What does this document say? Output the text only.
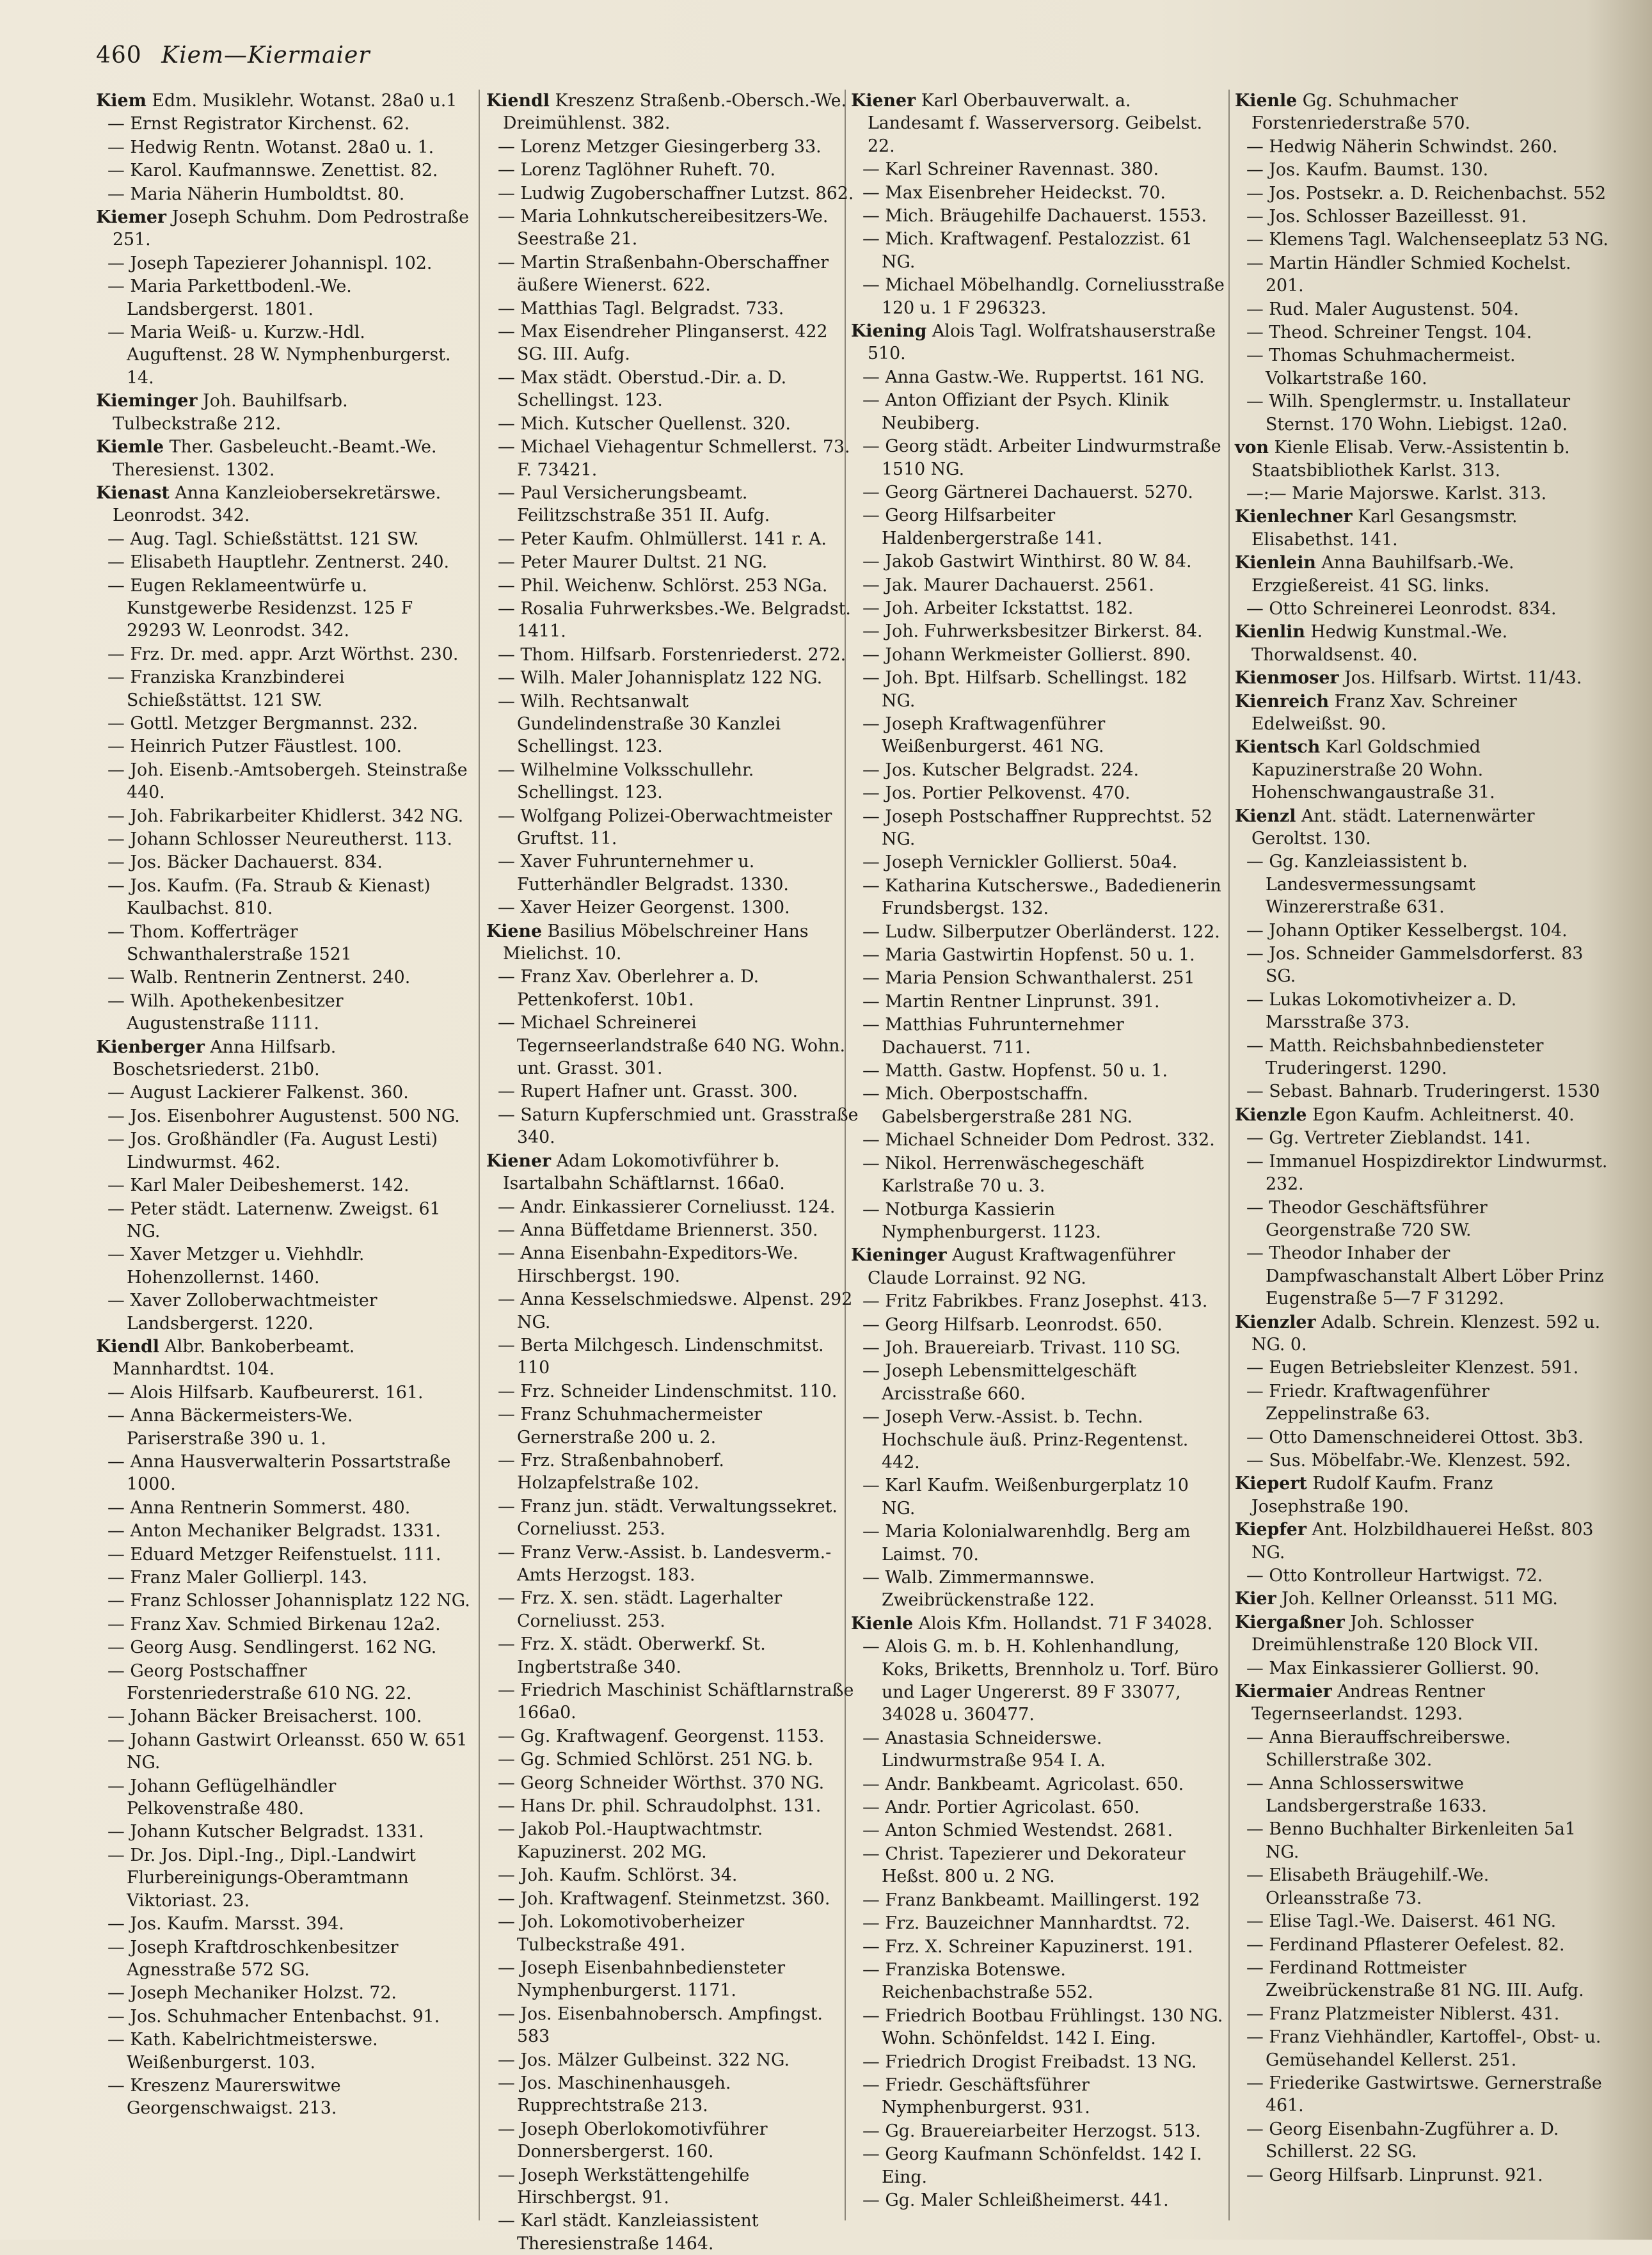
460 Kiem—Kiermaier
Kiem Edm. Musiklehr. Wotanst. 28a0 u.1
— Ernst Registrator Kirchenst. 62.
— Hedwig Rentn. Wotanst. 28a0 u. 1.
— Karol. Kaufmannswe. Zenettist. 82.
— Maria Näherin Humboldtst. 80.
Kiemer Joseph Schuhm. Dom Pedrostraße 251.
— Joseph Tapezierer Johannispl. 102.
— Maria Parkettbodenl.-We. Landsbergerst. 1801.
— Maria Weiß- u. Kurzw.-Hdl. Auguftenst. 28 W. Nymphenburgerst. 14.
Kieminger Joh. Bauhilfsarb. Tulbeckstraße 212.
Kiemle Ther. Gasbeleucht.-Beamt.-We. Theresienst. 1302.
Kienast Anna Kanzleiobersekretärswe. Leonrodst. 342.
— Aug. Tagl. Schießstättst. 121 SW.
— Elisabeth Hauptlehr. Zentnerst. 240.
— Eugen Reklameentwürfe u. Kunstgewerbe Residenzst. 125 F 29293 W. Leonrodst. 342.
— Frz. Dr. med. appr. Arzt Wörthst. 230.
— Franziska Kranzbinderei Schießstättst. 121 SW.
— Gottl. Metzger Bergmannst. 232.
— Heinrich Putzer Fäustlest. 100.
— Joh. Eisenb.-Amtsobergeh. Steinstraße 440.
— Joh. Fabrikarbeiter Khidlerst. 342 NG.
— Johann Schlosser Neureutherst. 113.
— Jos. Bäcker Dachauerst. 834.
— Jos. Kaufm. (Fa. Straub & Kienast) Kaulbachst. 810.
— Thom. Kofferträger Schwanthalerstraße 1521
— Walb. Rentnerin Zentnerst. 240.
— Wilh. Apothekenbesitzer Augustenstraße 1111.
Kienberger Anna Hilfsarb. Boschetsriederst. 21b0.
— August Lackierer Falkenst. 360.
— Jos. Eisenbohrer Augustenst. 500 NG.
— Jos. Großhändler (Fa. August Lesti) Lindwurmst. 462.
— Karl Maler Deibeshemerst. 142.
— Peter städt. Laternenw. Zweigst. 61 NG.
— Xaver Metzger u. Viehhdlr. Hohenzollernst. 1460.
— Xaver Zolloberwachtmeister Landsbergerst. 1220.
Kiendl Albr. Bankoberbeamt. Mannhardtst. 104.
— Alois Hilfsarb. Kaufbeurerst. 161.
— Anna Bäckermeisters-We. Pariserstraße 390 u. 1.
— Anna Hausverwalterin Possartstraße 1000.
— Anna Rentnerin Sommerst. 480.
— Anton Mechaniker Belgradst. 1331.
— Eduard Metzger Reifenstuelst. 111.
— Franz Maler Gollierpl. 143.
— Franz Schlosser Johannisplatz 122 NG.
— Franz Xav. Schmied Birkenau 12a2.
— Georg Ausg. Sendlingerst. 162 NG.
— Georg Postschaffner Forstenriederstraße 610 NG. 22.
— Johann Bäcker Breisacherst. 100.
— Johann Gastwirt Orleansst. 650 W. 651 NG.
— Johann Geflügelhändler Pelkovenstraße 480.
— Johann Kutscher Belgradst. 1331.
— Dr. Jos. Dipl.-Ing., Dipl.-Landwirt Flurbereinigungs-Oberamtmann Viktoriast. 23.
— Jos. Kaufm. Marsst. 394.
— Joseph Kraftdroschkenbesitzer Agnesstraße 572 SG.
— Joseph Mechaniker Holzst. 72.
— Jos. Schuhmacher Entenbachst. 91.
— Kath. Kabelrichtmeisterswe. Weißenburgerst. 103.
— Kreszenz Maurerswitwe Georgenschwaigst. 213.
Kiendl Kreszenz Straßenb.-Obersch.-We. Dreimühlenst. 382.
— Lorenz Metzger Giesingerberg 33.
— Lorenz Taglöhner Ruheft. 70.
— Ludwig Zugoberschaffner Lutzst. 862.
— Maria Lohnkutschereibesitzers-We. Seestraße 21.
— Martin Straßenbahn-Oberschaffner äußere Wienerst. 622.
— Matthias Tagl. Belgradst. 733.
— Max Eisendreher Plinganserst. 422 SG. III. Aufg.
— Max städt. Oberstud.-Dir. a. D. Schellingst. 123.
— Mich. Kutscher Quellenst. 320.
— Michael Viehagentur Schmellerst. 73. F. 73421.
— Paul Versicherungsbeamt. Feilitzschstraße 351 II. Aufg.
— Peter Kaufm. Ohlmüllerst. 141 r. A.
— Peter Maurer Dultst. 21 NG.
— Phil. Weichenw. Schlörst. 253 NGa.
— Rosalia Fuhrwerksbes.-We. Belgradst. 1411.
— Thom. Hilfsarb. Forstenriederst. 272.
— Wilh. Maler Johannisplatz 122 NG.
— Wilh. Rechtsanwalt Gundelindenstraße 30 Kanzlei Schellingst. 123.
— Wilhelmine Volksschullehr. Schellingst. 123.
— Wolfgang Polizei-Oberwachtmeister Gruftst. 11.
— Xaver Fuhrunternehmer u. Futterhändler Belgradst. 1330.
— Xaver Heizer Georgenst. 1300.
Kiene Basilius Möbelschreiner Hans Mielichst. 10.
— Franz Xav. Oberlehrer a. D. Pettenkoferst. 10b1.
— Michael Schreinerei Tegernseerlandstraße 640 NG. Wohn. unt. Grasst. 301.
— Rupert Hafner unt. Grasst. 300.
— Saturn Kupferschmied unt. Grasstraße 340.
Kiener Adam Lokomotivführer b. Isartalbahn Schäftlarnst. 166a0.
— Andr. Einkassierer Corneliusst. 124.
— Anna Büffetdame Briennerst. 350.
— Anna Eisenbahn-Expeditors-We. Hirschbergst. 190.
— Anna Kesselschmiedswe. Alpenst. 292 NG.
— Berta Milchgesch. Lindenschmitst. 110
— Frz. Schneider Lindenschmitst. 110.
— Franz Schuhmachermeister Gernerstraße 200 u. 2.
— Frz. Straßenbahnoberf. Holzapfelstraße 102.
— Franz jun. städt. Verwaltungssekret. Corneliusst. 253.
— Franz Verw.-Assist. b. Landesverm.-Amts Herzogst. 183.
— Frz. X. sen. städt. Lagerhalter Corneliusst. 253.
— Frz. X. städt. Oberwerkf. St. Ingbertstraße 340.
— Friedrich Maschinist Schäftlarnstraße 166a0.
— Gg. Kraftwagenf. Georgenst. 1153.
— Gg. Schmied Schlörst. 251 NG. b.
— Georg Schneider Wörthst. 370 NG.
— Hans Dr. phil. Schraudolphst. 131.
— Jakob Pol.-Hauptwachtmstr. Kapuzinerst. 202 MG.
— Joh. Kaufm. Schlörst. 34.
— Joh. Kraftwagenf. Steinmetzst. 360.
— Joh. Lokomotivoberheizer Tulbeckstraße 491.
— Joseph Eisenbahnbediensteter Nymphenburgerst. 1171.
— Jos. Eisenbahnobersch. Ampfingst. 583
— Jos. Mälzer Gulbeinst. 322 NG.
— Jos. Maschinenhausgeh. Rupprechtstraße 213.
— Joseph Oberlokomotivführer Donnersbergerst. 160.
— Joseph Werkstättengehilfe Hirschbergst. 91.
— Karl städt. Kanzleiassistent Theresienstraße 1464.
Kiener Karl Oberbauverwalt. a. Landesamt f. Wasserversorg. Geibelst. 22.
— Karl Schreiner Ravennast. 380.
— Max Eisenbreher Heideckst. 70.
— Mich. Bräugehilfe Dachauerst. 1553.
— Mich. Kraftwagenf. Pestalozzist. 61 NG.
— Michael Möbelhandlg. Corneliusstraße 120 u. 1 F 296323.
Kiening Alois Tagl. Wolfratshauserstraße 510.
— Anna Gastw.-We. Ruppertst. 161 NG.
— Anton Offiziant der Psych. Klinik Neubiberg.
— Georg städt. Arbeiter Lindwurmstraße 1510 NG.
— Georg Gärtnerei Dachauerst. 5270.
— Georg Hilfsarbeiter Haldenbergerstraße 141.
— Jakob Gastwirt Winthirst. 80 W. 84.
— Jak. Maurer Dachauerst. 2561.
— Joh. Arbeiter Ickstattst. 182.
— Joh. Fuhrwerksbesitzer Birkerst. 84.
— Johann Werkmeister Gollierst. 890.
— Joh. Bpt. Hilfsarb. Schellingst. 182 NG.
— Joseph Kraftwagenführer Weißenburgerst. 461 NG.
— Jos. Kutscher Belgradst. 224.
— Jos. Portier Pelkovenst. 470.
— Joseph Postschaffner Rupprechtst. 52 NG.
— Joseph Vernickler Gollierst. 50a4.
— Katharina Kutscherswe., Badedienerin Frundsbergst. 132.
— Ludw. Silberputzer Oberländerst. 122.
— Maria Gastwirtin Hopfenst. 50 u. 1.
— Maria Pension Schwanthalerst. 251
— Martin Rentner Linprunst. 391.
— Matthias Fuhrunternehmer Dachauerst. 711.
— Matth. Gastw. Hopfenst. 50 u. 1.
— Mich. Oberpostschaffn. Gabelsbergerstraße 281 NG.
— Michael Schneider Dom Pedrost. 332.
— Nikol. Herrenwäschegeschäft Karlstraße 70 u. 3.
— Notburga Kassierin Nymphenburgerst. 1123.
Kieninger August Kraftwagenführer Claude Lorrainst. 92 NG.
— Fritz Fabrikbes. Franz Josephst. 413.
— Georg Hilfsarb. Leonrodst. 650.
— Joh. Brauereiarb. Trivast. 110 SG.
— Joseph Lebensmittelgeschäft Arcisstraße 660.
— Joseph Verw.-Assist. b. Techn. Hochschule äuß. Prinz-Regentenst. 442.
— Karl Kaufm. Weißenburgerplatz 10 NG.
— Maria Kolonialwarenhdlg. Berg am Laimst. 70.
— Walb. Zimmermannswe. Zweibrückenstraße 122.
Kienle Alois Kfm. Hollandst. 71 F 34028.
— Alois G. m. b. H. Kohlenhandlung, Koks, Briketts, Brennholz u. Torf. Büro und Lager Ungererst. 89 F 33077, 34028 u. 360477.
— Anastasia Schneiderswe. Lindwurmstraße 954 I. A.
— Andr. Bankbeamt. Agricolast. 650.
— Andr. Portier Agricolast. 650.
— Anton Schmied Westendst. 2681.
— Christ. Tapezierer und Dekorateur Heßst. 800 u. 2 NG.
— Franz Bankbeamt. Maillingerst. 192
— Frz. Bauzeichner Mannhardtst. 72.
— Frz. X. Schreiner Kapuzinerst. 191.
— Franziska Botenswe. Reichenbachstraße 552.
— Friedrich Bootbau Frühlingst. 130 NG. Wohn. Schönfeldst. 142 I. Eing.
— Friedrich Drogist Freibadst. 13 NG.
— Friedr. Geschäftsführer Nymphenburgerst. 931.
— Gg. Brauereiarbeiter Herzogst. 513.
— Georg Kaufmann Schönfeldst. 142 I. Eing.
— Gg. Maler Schleißheimerst. 441.
Kienle Gg. Schuhmacher Forstenriederstraße 570.
— Hedwig Näherin Schwindst. 260.
— Jos. Kaufm. Baumst. 130.
— Jos. Postsekr. a. D. Reichenbachst. 552
— Jos. Schlosser Bazeillesst. 91.
— Klemens Tagl. Walchenseeplatz 53 NG.
— Martin Händler Schmied Kochelst. 201.
— Rud. Maler Augustenst. 504.
— Theod. Schreiner Tengst. 104.
— Thomas Schuhmachermeist. Volkartstraße 160.
— Wilh. Spenglermstr. u. Installateur Sternst. 170 Wohn. Liebigst. 12a0.
von Kienle Elisab. Verw.-Assistentin b. Staatsbibliothek Karlst. 313.
—:— Marie Majorswe. Karlst. 313.
Kienlechner Karl Gesangsmstr. Elisabethst. 141.
Kienlein Anna Bauhilfsarb.-We. Erzgießereist. 41 SG. links.
— Otto Schreinerei Leonrodst. 834.
Kienlin Hedwig Kunstmal.-We. Thorwaldsenst. 40.
Kienmoser Jos. Hilfsarb. Wirtst. 11/43.
Kienreich Franz Xav. Schreiner Edelweißst. 90.
Kientsch Karl Goldschmied Kapuzinerstraße 20 Wohn. Hohenschwangaustraße 31.
Kienzl Ant. städt. Laternenwärter Geroltst. 130.
— Gg. Kanzleiassistent b. Landesvermessungsamt Winzererstraße 631.
— Johann Optiker Kesselbergst. 104.
— Jos. Schneider Gammelsdorferst. 83 SG.
— Lukas Lokomotivheizer a. D. Marsstraße 373.
— Matth. Reichsbahnbediensteter Truderingerst. 1290.
— Sebast. Bahnarb. Truderingerst. 1530
Kienzle Egon Kaufm. Achleitnerst. 40.
— Gg. Vertreter Zieblandst. 141.
— Immanuel Hospizdirektor Lindwurmst. 232.
— Theodor Geschäftsführer Georgenstraße 720 SW.
— Theodor Inhaber der Dampfwaschanstalt Albert Löber Prinz Eugenstraße 5—7 F 31292.
Kienzler Adalb. Schrein. Klenzest. 592 u. NG. 0.
— Eugen Betriebsleiter Klenzest. 591.
— Friedr. Kraftwagenführer Zeppelinstraße 63.
— Otto Damenschneiderei Ottost. 3b3.
— Sus. Möbelfabr.-We. Klenzest. 592.
Kiepert Rudolf Kaufm. Franz Josephstraße 190.
Kiepfer Ant. Holzbildhauerei Heßst. 803 NG.
— Otto Kontrolleur Hartwigst. 72.
Kier Joh. Kellner Orleansst. 511 MG.
Kiergaßner Joh. Schlosser Dreimühlenstraße 120 Block VII.
— Max Einkassierer Gollierst. 90.
Kiermaier Andreas Rentner Tegernseerlandst. 1293.
— Anna Bierauffschreiberswe. Schillerstraße 302.
— Anna Schlosserswitwe Landsbergerstraße 1633.
— Benno Buchhalter Birkenleiten 5a1 NG.
— Elisabeth Bräugehilf.-We. Orleansstraße 73.
— Elise Tagl.-We. Daiserst. 461 NG.
— Ferdinand Pflasterer Oefelest. 82.
— Ferdinand Rottmeister Zweibrückenstraße 81 NG. III. Aufg.
— Franz Platzmeister Niblerst. 431.
— Franz Viehhändler, Kartoffel-, Obst- u. Gemüsehandel Kellerst. 251.
— Friederike Gastwirtswe. Gernerstraße 461.
— Georg Eisenbahn-Zugführer a. D. Schillerst. 22 SG.
— Georg Hilfsarb. Linprunst. 921.
